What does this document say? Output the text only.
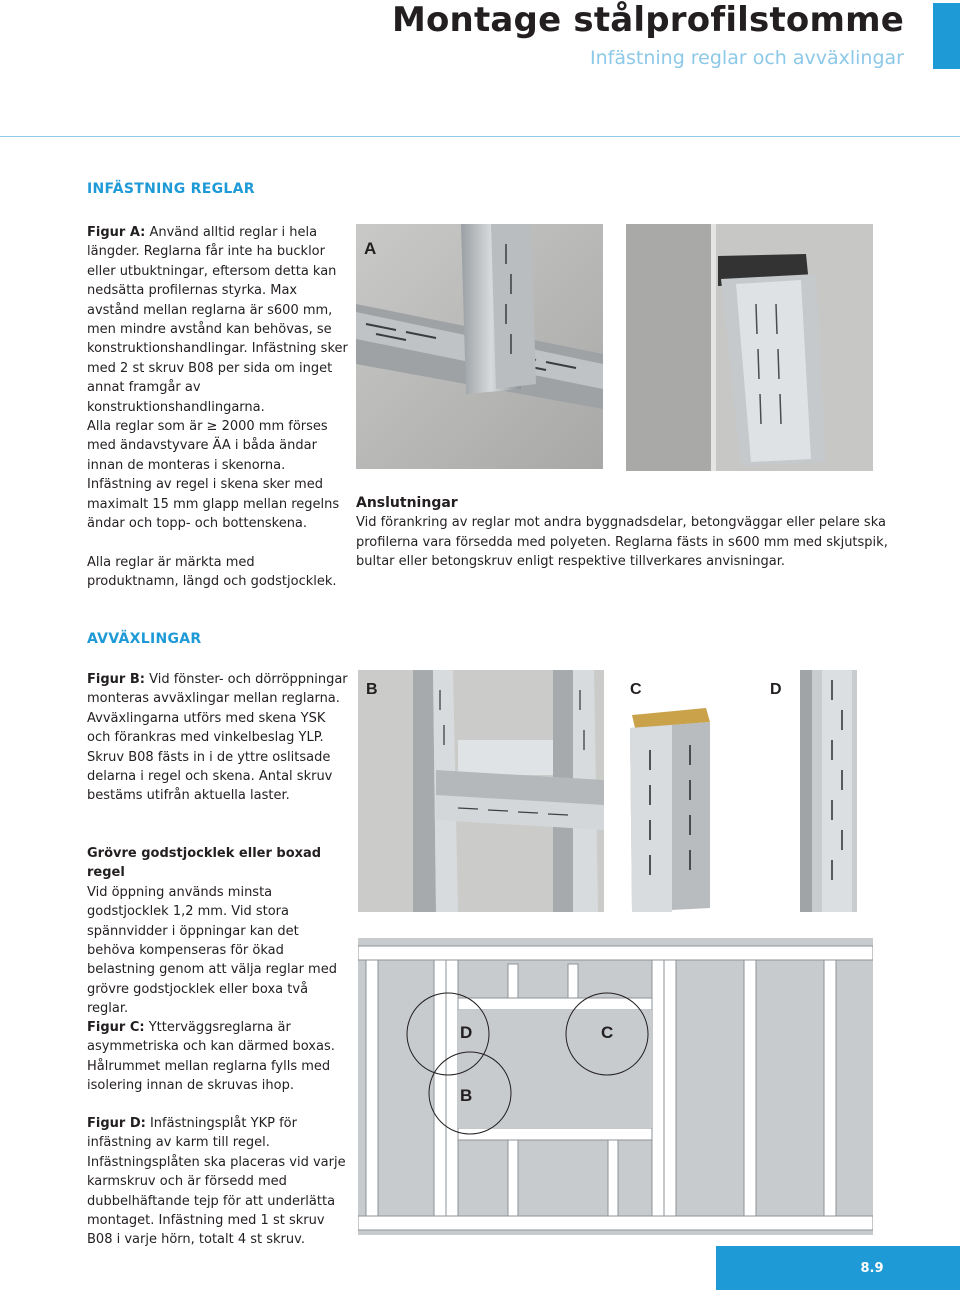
Montage stålprofilstomme
Infästning reglar och avväxlingar
INFÄSTNING REGLAR

Figur A: Använd alltid reglar i hela längder. Reglarna får inte ha bucklor eller utbuktningar, eftersom detta kan nedsätta profilernas styrka. Max avstånd mellan reglarna är s600 mm, men mindre avstånd kan behövas, se konstruktionshandlingar. Infästning sker med 2 st skruv B08 per sida om inget annat framgår av konstruktionshandlingarna.

Alla reglar som är ≥ 2000 mm förses med ändavstyvare ÄA i båda ändar innan de monteras i skenorna.

Infästning av regel i skena sker med maximalt 15 mm glapp mellan regelns ändar och topp- och bottenskena.

Alla reglar är märkta med produktnamn, längd och godstjocklek.

A

Anslutningar

Vid förankring av reglar mot andra byggnadsdelar, betongväggar eller pelare ska profilerna vara försedda med polyeten. Reglarna fästs in s600 mm med skjutspik, bultar eller betongskruv enligt respektive tillverkares anvisningar.

AVVÄXLINGAR

Figur B: Vid fönster- och dörröppningar monteras avväxlingar mellan reglarna. Avväxlingarna utförs med skena YSK och förankras med vinkelbeslag YLP. Skruv B08 fästs in i de yttre oslitsade delarna i regel och skena. Antal skruv bestäms utifrån aktuella laster.

Grövre godstjocklek eller boxad regel

Vid öppning används minsta godstjocklek 1,2 mm. Vid stora spännvidder i öppningar kan det behöva kompenseras för ökad belastning genom att välja reglar med grövre godstjocklek eller boxa två reglar.

Figur C: Ytterväggsreglarna är asymmetriska och kan därmed boxas. Hålrummet mellan reglarna fylls med isolering innan de skruvas ihop.

Figur D: Infästningsplåt YKP för infästning av karm till regel. Infästningsplåten ska placeras vid varje karmskruv och är försedd med dubbelhäftande tejp för att underlätta montaget. Infästning med 1 st skruv B08 i varje hörn, totalt 4 st skruv.

B	C	D
D	C
B
8.9
